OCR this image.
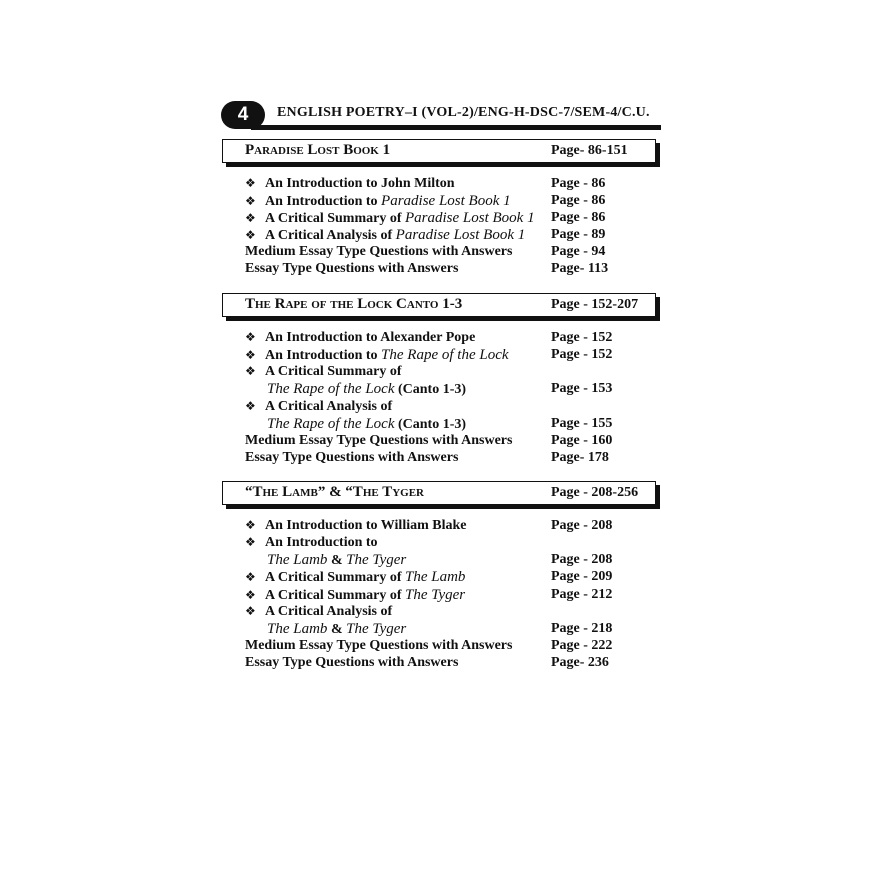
4	ENGLISH POETRY–I (VOL-2)/ENG-H-DSC-7/SEM-4/C.U.
Paradise Lost Book 1	Page- 86-151
❖ An Introduction to John Milton	Page - 86
❖ An Introduction to Paradise Lost Book 1	Page - 86
❖ A Critical Summary of Paradise Lost Book 1 Page - 86
❖ A Critical Analysis of Paradise Lost Book 1 Page - 89
Medium Essay Type Questions with Answers	Page - 94
Essay Type Questions with Answers	Page- 113
The Rape of the Lock Canto 1-3	Page - 152-207
❖ An Introduction to Alexander Pope	Page - 152
❖ An Introduction to The Rape of the Lock	Page - 152
❖ A Critical Summary of
The Rape of the Lock (Canto 1-3)	Page - 153
❖ A Critical Analysis of
The Rape of the Lock (Canto 1-3)	Page - 155
Medium Essay Type Questions with Answers	Page - 160
Essay Type Questions with Answers	Page- 178
“The Lamb” & “The Tyger	Page - 208-256
❖ An Introduction to William Blake	Page - 208
❖ An Introduction to
The Lamb & The Tyger	Page - 208
❖ A Critical Summary of The Lamb	Page - 209
❖ A Critical Summary of The Tyger	Page - 212
❖ A Critical Analysis of
The Lamb & The Tyger	Page - 218
Medium Essay Type Questions with Answers	Page - 222
Essay Type Questions with Answers	Page- 236
